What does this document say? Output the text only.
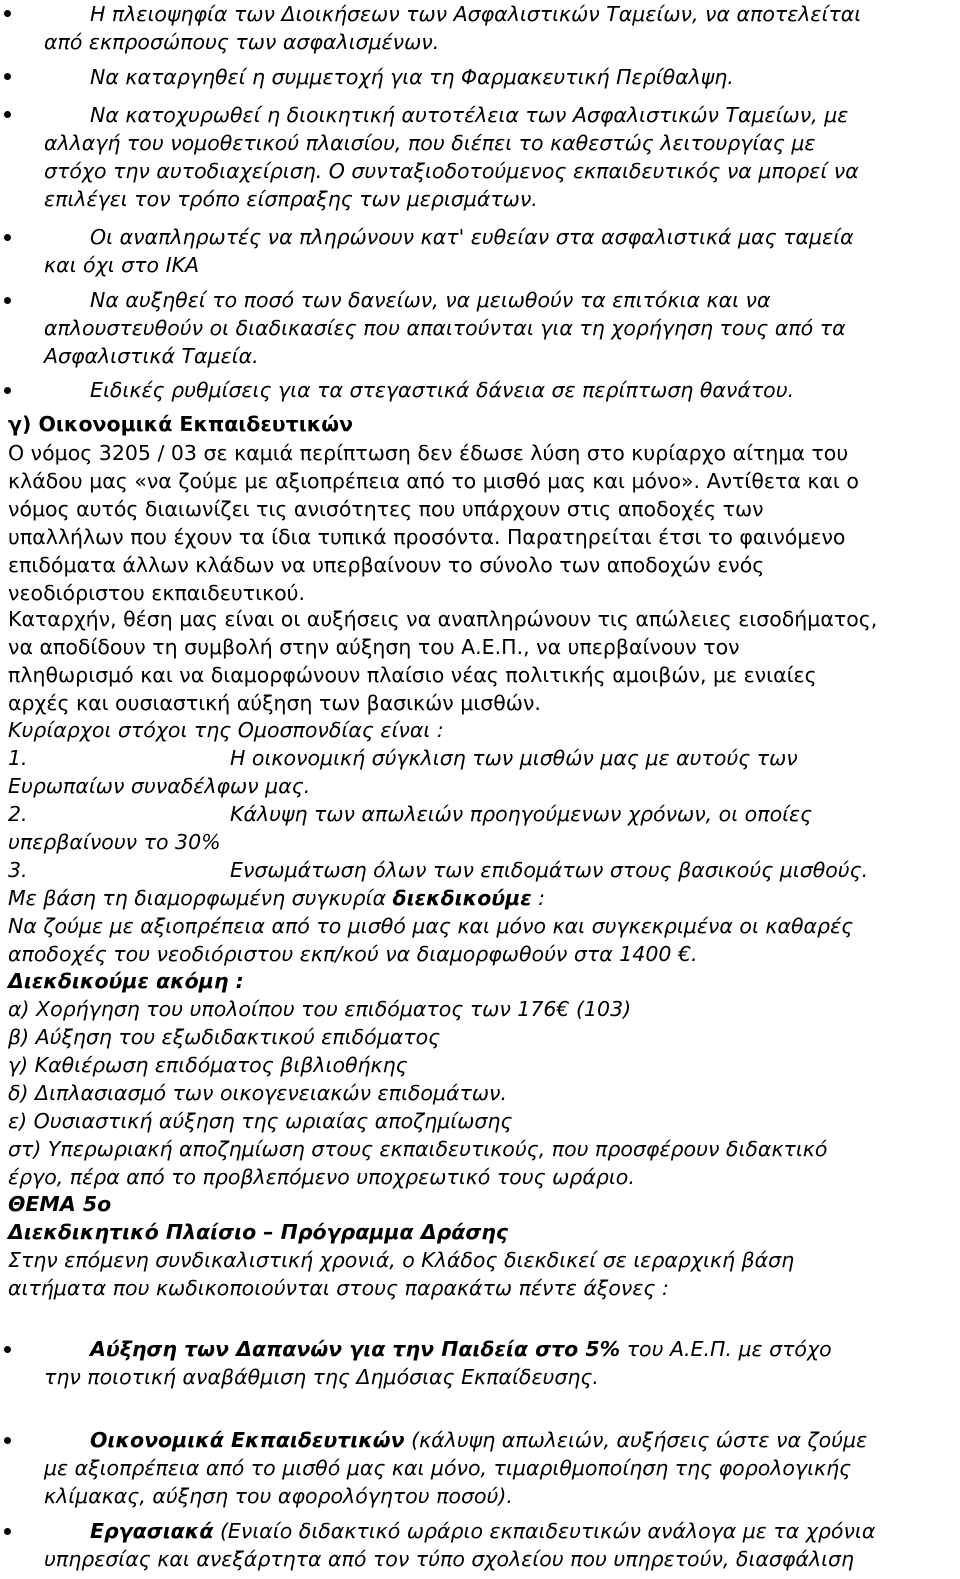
Η πλειοψηφία των Διοικήσεων των Ασφαλιστικών Ταμείων, να αποτελείται
από εκπροσώπους των ασφαλισμένων.
Να καταργηθεί η συμμετοχή για τη Φαρμακευτική Περίθαλψη.
Να κατοχυρωθεί η διοικητική αυτοτέλεια των Ασφαλιστικών Ταμείων, με
αλλαγή του νομοθετικού πλαισίου, που διέπει το καθεστώς λειτουργίας με
στόχο την αυτοδιαχείριση. Ο συνταξιοδοτούμενος εκπαιδευτικός να μπορεί να
επιλέγει τον τρόπο είσπραξης των μερισμάτων.
Οι αναπληρωτές να πληρώνουν κατ' ευθείαν στα ασφαλιστικά μας ταμεία
και όχι στο ΙΚΑ
Να αυξηθεί το ποσό των δανείων, να μειωθούν τα επιτόκια και να
απλουστευθούν οι διαδικασίες που απαιτούνται για τη χορήγηση τους από τα
Ασφαλιστικά Ταμεία.
Ειδικές ρυθμίσεις για τα στεγαστικά δάνεια σε περίπτωση θανάτου.
γ) Οικονομικά Εκπαιδευτικών
Ο νόμος 3205 / 03 σε καμιά περίπτωση δεν έδωσε λύση στο κυρίαρχο αίτημα του
κλάδου μας «να ζούμε με αξιοπρέπεια από το μισθό μας και μόνο». Αντίθετα και ο
νόμος αυτός διαιωνίζει τις ανισότητες που υπάρχουν στις αποδοχές των
υπαλλήλων που έχουν τα ίδια τυπικά προσόντα. Παρατηρείται έτσι το φαινόμενο
επιδόματα άλλων κλάδων να υπερβαίνουν το σύνολο των αποδοχών ενός
νεοδιόριστου εκπαιδευτικού.
Καταρχήν, θέση μας είναι οι αυξήσεις να αναπληρώνουν τις απώλειες εισοδήματος,
να αποδίδουν τη συμβολή στην αύξηση του Α.Ε.Π., να υπερβαίνουν τον
πληθωρισμό και να διαμορφώνουν πλαίσιο νέας πολιτικής αμοιβών, με ενιαίες
αρχές και ουσιαστική αύξηση των βασικών μισθών.
Κυρίαρχοι στόχοι της Ομοσπονδίας είναι :
1.	Η οικονομική σύγκλιση των μισθών μας με αυτούς των
Ευρωπαίων συναδέλφων μας.
2.	Κάλυψη των απωλειών προηγούμενων χρόνων, οι οποίες
υπερβαίνουν το 30%
3.	Ενσωμάτωση όλων των επιδομάτων στους βασικούς μισθούς.
Με βάση τη διαμορφωμένη συγκυρία διεκδικούμε :
Να ζούμε με αξιοπρέπεια από το μισθό μας και μόνο και συγκεκριμένα οι καθαρές
αποδοχές του νεοδιόριστου εκπ/κού να διαμορφωθούν στα 1400 €.
Διεκδικούμε ακόμη :
α) Χορήγηση του υπολοίπου του επιδόματος των 176€ (103)
β) Αύξηση του εξωδιδακτικού επιδόματος
γ) Καθιέρωση επιδόματος βιβλιοθήκης
δ) Διπλασιασμό των οικογενειακών επιδομάτων.
ε) Ουσιαστική αύξηση της ωριαίας αποζημίωσης
στ) Υπερωριακή αποζημίωση στους εκπαιδευτικούς, που προσφέρουν διδακτικό
έργο, πέρα από το προβλεπόμενο υποχρεωτικό τους ωράριο.
ΘΕΜΑ 5ο
Διεκδικητικό Πλαίσιο – Πρόγραμμα Δράσης
Στην επόμενη συνδικαλιστική χρονιά, ο Κλάδος διεκδικεί σε ιεραρχική βάση
αιτήματα που κωδικοποιούνται στους παρακάτω πέντε άξονες :
Αύξηση των Δαπανών για την Παιδεία στο 5% του Α.Ε.Π. με στόχο
την ποιοτική αναβάθμιση της Δημόσιας Εκπαίδευσης.
Οικονομικά Εκπαιδευτικών (κάλυψη απωλειών, αυξήσεις ώστε να ζούμε
με αξιοπρέπεια από το μισθό μας και μόνο, τιμαριθμοποίηση της φορολογικής
κλίμακας, αύξηση του αφορολόγητου ποσού).
Εργασιακά (Ενιαίο διδακτικό ωράριο εκπαιδευτικών ανάλογα με τα χρόνια
υπηρεσίας και ανεξάρτητα από τον τύπο σχολείου που υπηρετούν, διασφάλιση
